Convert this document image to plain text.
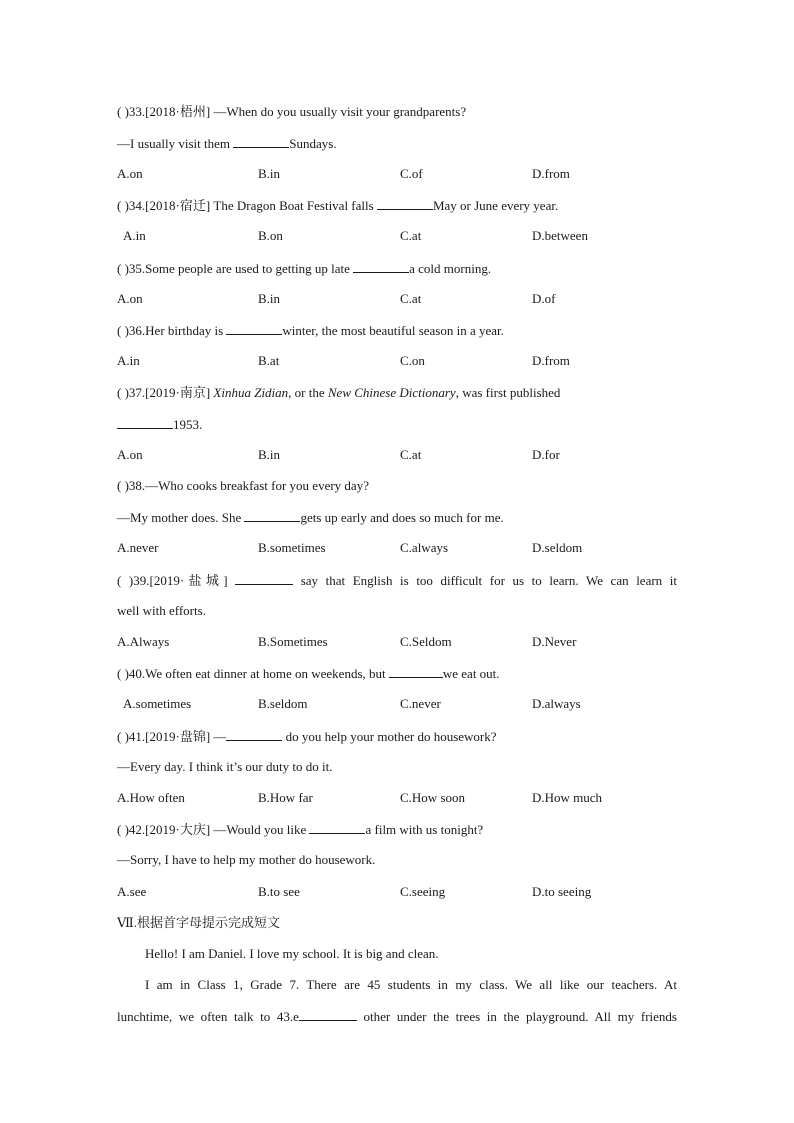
( )33.[2018·梧州] —When do you usually visit your grandparents?
—I usually visit them	Sundays.
A.on	B.in	C.of	D.from
( )34.[2018·宿迁] The Dragon Boat Festival falls	May or June every year.
A.in	B.on	C.at	D.between
( )35.Some people are used to getting up late	a cold morning.
A.on	B.in	C.at	D.of
( )36.Her birthday is	winter, the most beautiful season in a year.
A.in	B.at	C.on	D.from
( )37.[2019·南京] Xinhua Zidian, or the New Chinese Dictionary, was first published
1953.
A.on	B.in	C.at	D.for
( )38.—Who cooks breakfast for you every day?
—My mother does. She	gets up early and does so much for me.
A.never	B.sometimes	C.always	D.seldom
( )39.[2019·盐城]	say that English is too difficult for us to learn. We can learn it
well with efforts.
A.Always	B.Sometimes	C.Seldom	D.Never
( )40.We often eat dinner at home on weekends, but	we eat out.
A.sometimes	B.seldom	C.never	D.always
( )41.[2019·盘锦] —	do you help your mother do housework?
—Every day. I think it’s our duty to do it.
A.How often	B.How far	C.How soon	D.How much
( )42.[2019·大庆] —Would you like	a film with us tonight?
—Sorry, I have to help my mother do housework.
A.see	B.to see	C.seeing	D.to seeing
Ⅶ.根据首字母提示完成短文
Hello! I am Daniel. I love my school. It is big and clean.
I am in Class 1, Grade 7. There are 45 students in my class. We all like our teachers. At
lunchtime, we often talk to 43.e	other under the trees in the playground. All my friends
